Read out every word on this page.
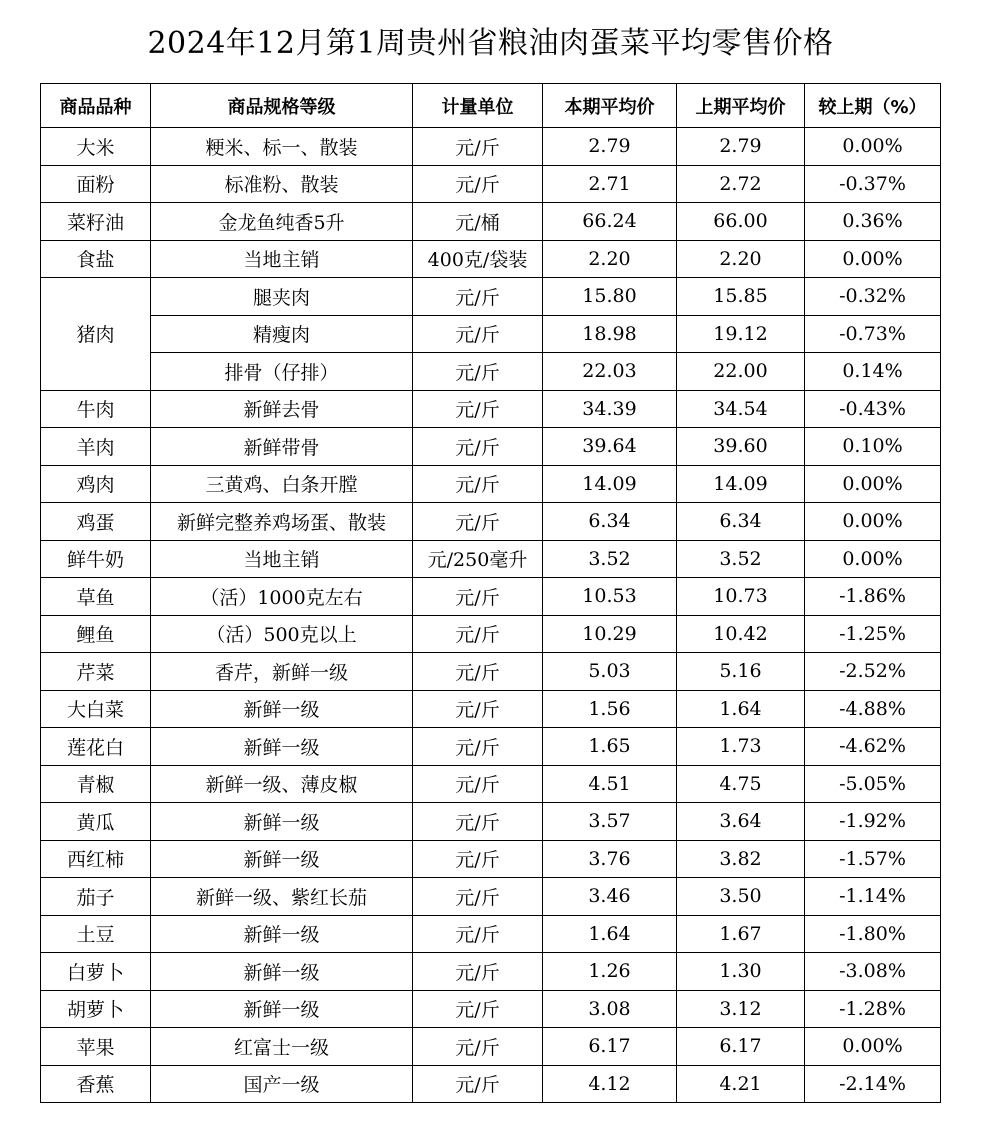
2024年12月第1周贵州省粮油肉蛋菜平均零售价格
商品品种	商品规格等级	计量单位	本期平均价	上期平均价	较上期（%）
大米	粳米、标一、散装	元/斤	2.79	2.79	0.00%
面粉	标准粉、散装	元/斤	2.71	2.72	-0.37%
菜籽油	金龙鱼纯香5升	元/桶	66.24	66.00	0.36%
食盐	当地主销	400克/袋装	2.20	2.20	0.00%
猪肉	腿夹肉	元/斤	15.80	15.85	-0.32%
	精瘦肉	元/斤	18.98	19.12	-0.73%
	排骨（仔排）	元/斤	22.03	22.00	0.14%
牛肉	新鲜去骨	元/斤	34.39	34.54	-0.43%
羊肉	新鲜带骨	元/斤	39.64	39.60	0.10%
鸡肉	三黄鸡、白条开膛	元/斤	14.09	14.09	0.00%
鸡蛋	新鲜完整养鸡场蛋、散装	元/斤	6.34	6.34	0.00%
鲜牛奶	当地主销	元/250毫升	3.52	3.52	0.00%
草鱼	（活）1000克左右	元/斤	10.53	10.73	-1.86%
鲤鱼	（活）500克以上	元/斤	10.29	10.42	-1.25%
芹菜	香芹，新鲜一级	元/斤	5.03	5.16	-2.52%
大白菜	新鲜一级	元/斤	1.56	1.64	-4.88%
莲花白	新鲜一级	元/斤	1.65	1.73	-4.62%
青椒	新鲜一级、薄皮椒	元/斤	4.51	4.75	-5.05%
黄瓜	新鲜一级	元/斤	3.57	3.64	-1.92%
西红柿	新鲜一级	元/斤	3.76	3.82	-1.57%
茄子	新鲜一级、紫红长茄	元/斤	3.46	3.50	-1.14%
土豆	新鲜一级	元/斤	1.64	1.67	-1.80%
白萝卜	新鲜一级	元/斤	1.26	1.30	-3.08%
胡萝卜	新鲜一级	元/斤	3.08	3.12	-1.28%
苹果	红富士一级	元/斤	6.17	6.17	0.00%
香蕉	国产一级	元/斤	4.12	4.21	-2.14%
